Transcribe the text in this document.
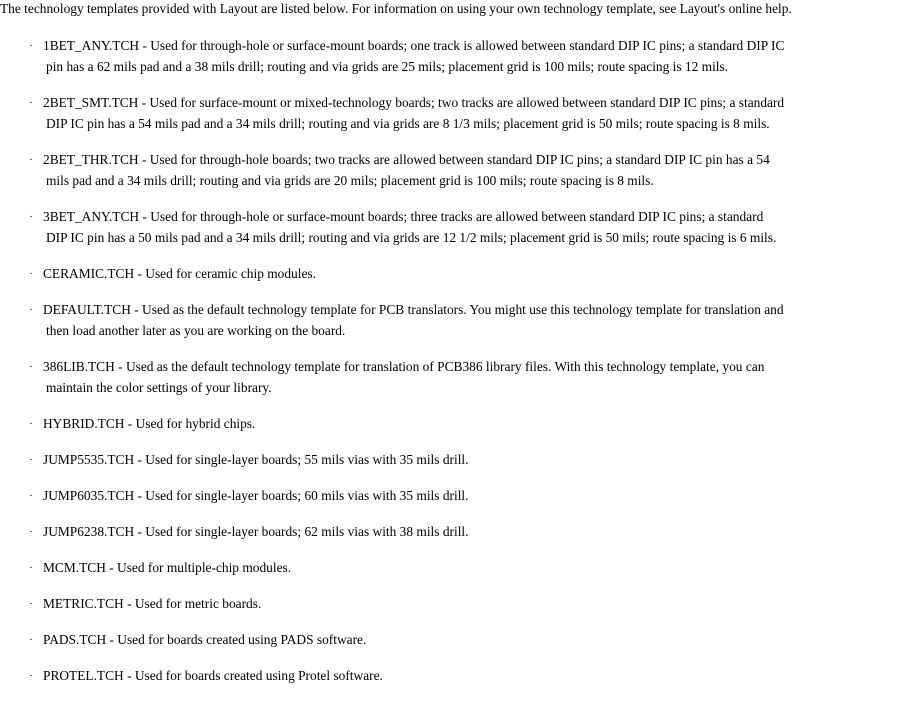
The technology templates provided with Layout are listed below. For information on using your own technology template, see Layout's online help.
· 1BET_ANY.TCH - Used for through-hole or surface-mount boards; one track is allowed between standard DIP IC pins; a standard DIP IC
pin has a 62 mils pad and a 38 mils drill; routing and via grids are 25 mils; placement grid is 100 mils; route spacing is 12 mils.
· 2BET_SMT.TCH - Used for surface-mount or mixed-technology boards; two tracks are allowed between standard DIP IC pins; a standard
DIP IC pin has a 54 mils pad and a 34 mils drill; routing and via grids are 8 1/3 mils; placement grid is 50 mils; route spacing is 8 mils.
· 2BET_THR.TCH - Used for through-hole boards; two tracks are allowed between standard DIP IC pins; a standard DIP IC pin has a 54
mils pad and a 34 mils drill; routing and via grids are 20 mils; placement grid is 100 mils; route spacing is 8 mils.
· 3BET_ANY.TCH - Used for through-hole or surface-mount boards; three tracks are allowed between standard DIP IC pins; a standard
DIP IC pin has a 50 mils pad and a 34 mils drill; routing and via grids are 12 1/2 mils; placement grid is 50 mils; route spacing is 6 mils.
· CERAMIC.TCH - Used for ceramic chip modules.
· DEFAULT.TCH - Used as the default technology template for PCB translators. You might use this technology template for translation and
then load another later as you are working on the board.
· 386LIB.TCH - Used as the default technology template for translation of PCB386 library files. With this technology template, you can
maintain the color settings of your library.
· HYBRID.TCH - Used for hybrid chips.
· JUMP5535.TCH - Used for single-layer boards; 55 mils vias with 35 mils drill.
· JUMP6035.TCH - Used for single-layer boards; 60 mils vias with 35 mils drill.
· JUMP6238.TCH - Used for single-layer boards; 62 mils vias with 38 mils drill.
· MCM.TCH - Used for multiple-chip modules.
· METRIC.TCH - Used for metric boards.
· PADS.TCH - Used for boards created using PADS software.
· PROTEL.TCH - Used for boards created using Protel software.
